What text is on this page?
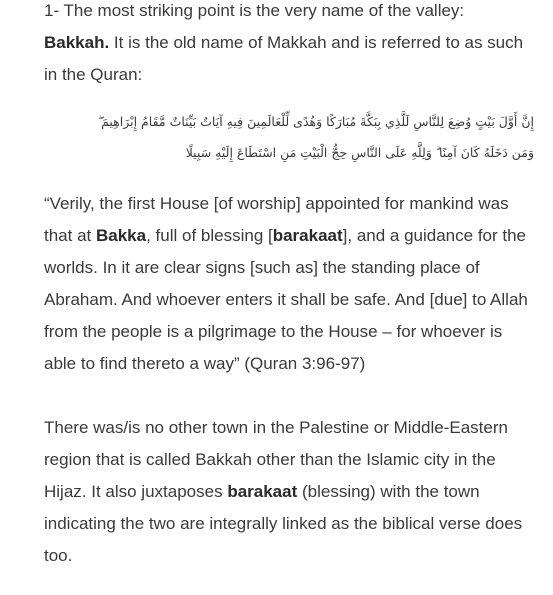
1- The most striking point is the very name of the valley:
Bakkah. It is the old name of Makkah and is referred to as such in the Quran:

إِنَّ أَوَّلَ بَيْتٍ وُضِعَ لِلنَّاسِ لَلَّذِي بِبَكَّةَ مُبَارَكًا وَهُدًى لِّلْعَالَمِينَ فِيهِ آيَاتٌ بَيِّنَاتٌ مَّقَامُ إِبْرَاهِيمَ ۖ
وَمَن دَخَلَهُ كَانَ آمِنًا ۗ وَلِلَّهِ عَلَى النَّاسِ حِجُّ الْبَيْتِ مَنِ اسْتَطَاعَ إِلَيْهِ سَبِيلًا

“Verily, the first House [of worship] appointed for mankind was that at Bakka, full of blessing [barakaat], and a guidance for the worlds. In it are clear signs [such as] the standing place of Abraham. And whoever enters it shall be safe. And [due] to Allah from the people is a pilgrimage to the House – for whoever is able to find thereto a way” (Quran 3:96-97)

There was/is no other town in the Palestine or Middle-Eastern region that is called Bakkah other than the Islamic city in the Hijaz. It also juxtaposes barakaat (blessing) with the town indicating the two are integrally linked as the biblical verse does too.
